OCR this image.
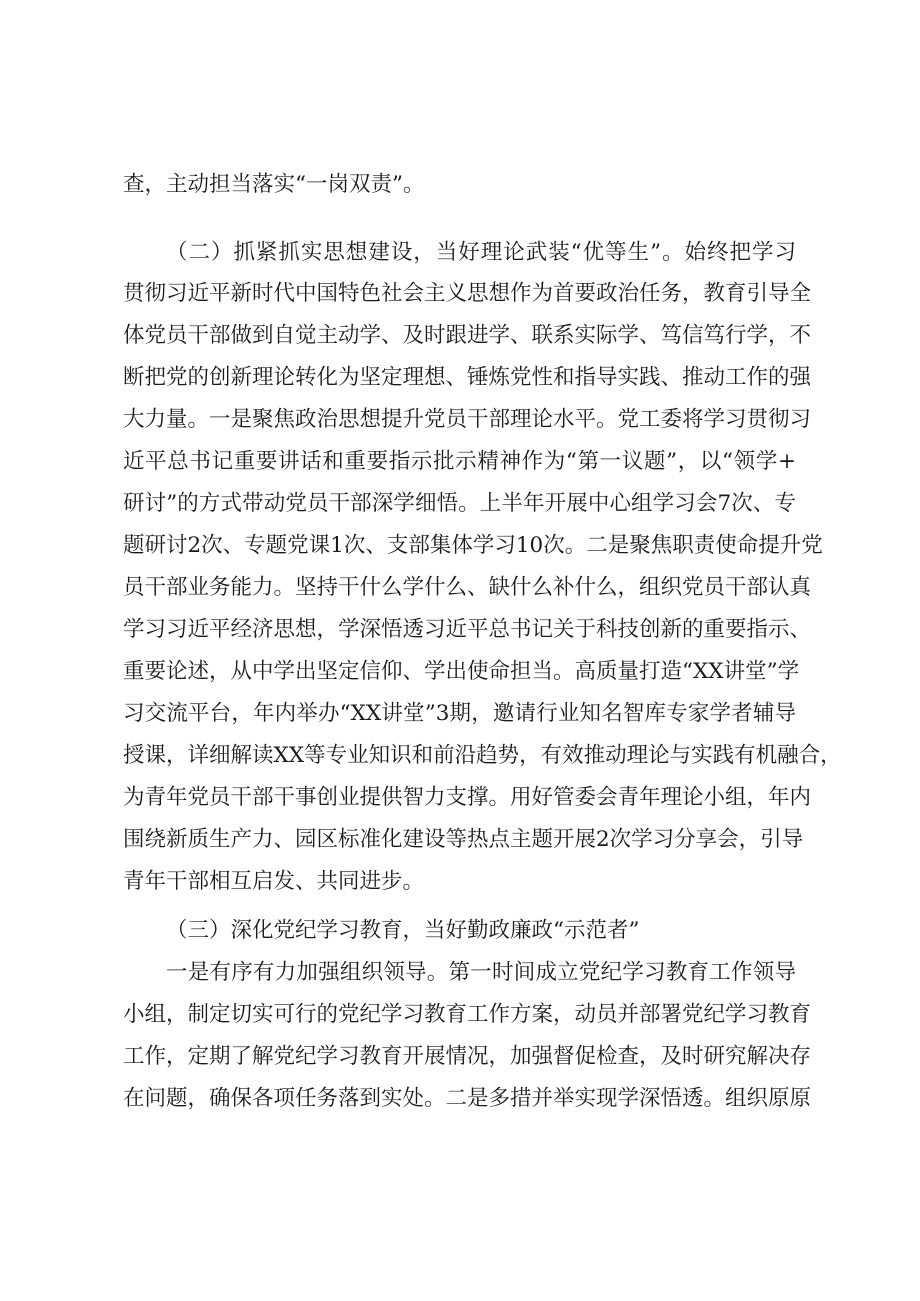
查，主动担当落实“一岗双责”。
（二）抓紧抓实思想建设，当好理论武装“优等生”。始终把学习
贯彻习近平新时代中国特色社会主义思想作为首要政治任务，教育引导全
体党员干部做到自觉主动学、及时跟进学、联系实际学、笃信笃行学，不
断把党的创新理论转化为坚定理想、锤炼党性和指导实践、推动工作的强
大力量。一是聚焦政治思想提升党员干部理论水平。党工委将学习贯彻习
近平总书记重要讲话和重要指示批示精神作为“第一议题”，以“领学+
研讨”的方式带动党员干部深学细悟。上半年开展中心组学习会7次、专
题研讨2次、专题党课1次、支部集体学习10次。二是聚焦职责使命提升党
员干部业务能力。坚持干什么学什么、缺什么补什么，组织党员干部认真
学习习近平经济思想，学深悟透习近平总书记关于科技创新的重要指示、
重要论述，从中学出坚定信仰、学出使命担当。高质量打造“XX讲堂”学
习交流平台，年内举办“XX讲堂”3期，邀请行业知名智库专家学者辅导
授课，详细解读XX等专业知识和前沿趋势，有效推动理论与实践有机融合，
为青年党员干部干事创业提供智力支撑。用好管委会青年理论小组，年内
围绕新质生产力、园区标准化建设等热点主题开展2次学习分享会，引导
青年干部相互启发、共同进步。
（三）深化党纪学习教育，当好勤政廉政“示范者”
一是有序有力加强组织领导。第一时间成立党纪学习教育工作领导
小组，制定切实可行的党纪学习教育工作方案，动员并部署党纪学习教育
工作，定期了解党纪学习教育开展情况，加强督促检查，及时研究解决存
在问题，确保各项任务落到实处。二是多措并举实现学深悟透。组织原原
